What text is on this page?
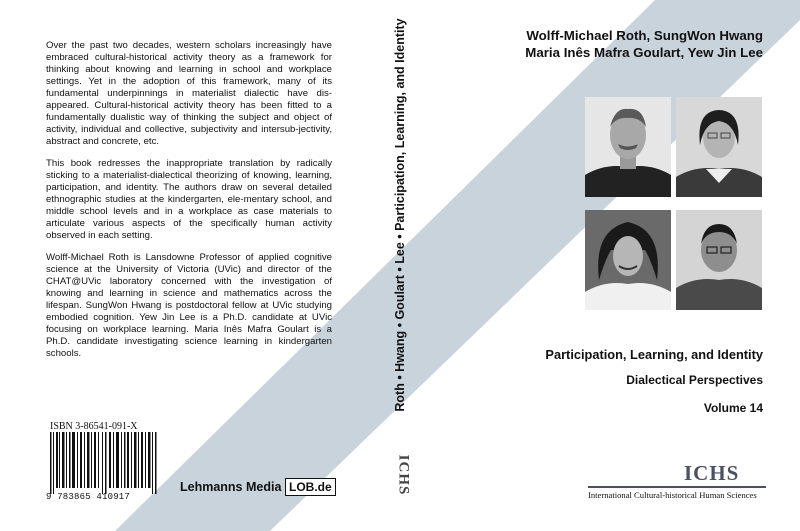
Over the past two decades, western scholars increasingly have embraced cultural-historical activity theory as a framework for thinking about knowing and learning in school and workplace settings. Yet in the adoption of this framework, many of its fundamental underpinnings in materialist dialectic have dis-appeared. Cultural-historical activity theory has been fitted to a fundamentally dualistic way of thinking the subject and object of activity, individual and collective, subjectivity and intersub-jectivity, abstract and concrete, etc.

This book redresses the inappropriate translation by radically sticking to a materialist-dialectical theorizing of knowing, learning, participation, and identity. The authors draw on several detailed ethnographic studies at the kindergarten, ele-mentary school, and middle school levels and in a workplace as case materials to articulate various aspects of the specifically human activity observed in each setting.

Wolff-Michael Roth is Lansdowne Professor of applied cognitive science at the University of Victoria (UVic) and director of the CHAT@UVic laboratory concerned with the investigation of knowing and learning in science and mathematics across the lifespan. SungWon Hwang is postdoctoral fellow at UVic studying embodied cognition. Yew Jin Lee is a Ph.D. candidate at UVic focusing on workplace learning. Maria Inês Mafra Goulart is a Ph.D. candidate investigating science learning in kindergarten schools.

ISBN 3-86541-091-X
9 783865 410917
Lehmanns Media LOB.de
Roth • Hwang • Goulart • Lee • Participation, Learning, and Identity
ICHS
Wolff-Michael Roth, SungWon Hwang
Maria Inês Mafra Goulart, Yew Jin Lee
Participation, Learning, and Identity
Dialectical Perspectives
Volume 14
ICHS
International Cultural-historical Human Sciences
